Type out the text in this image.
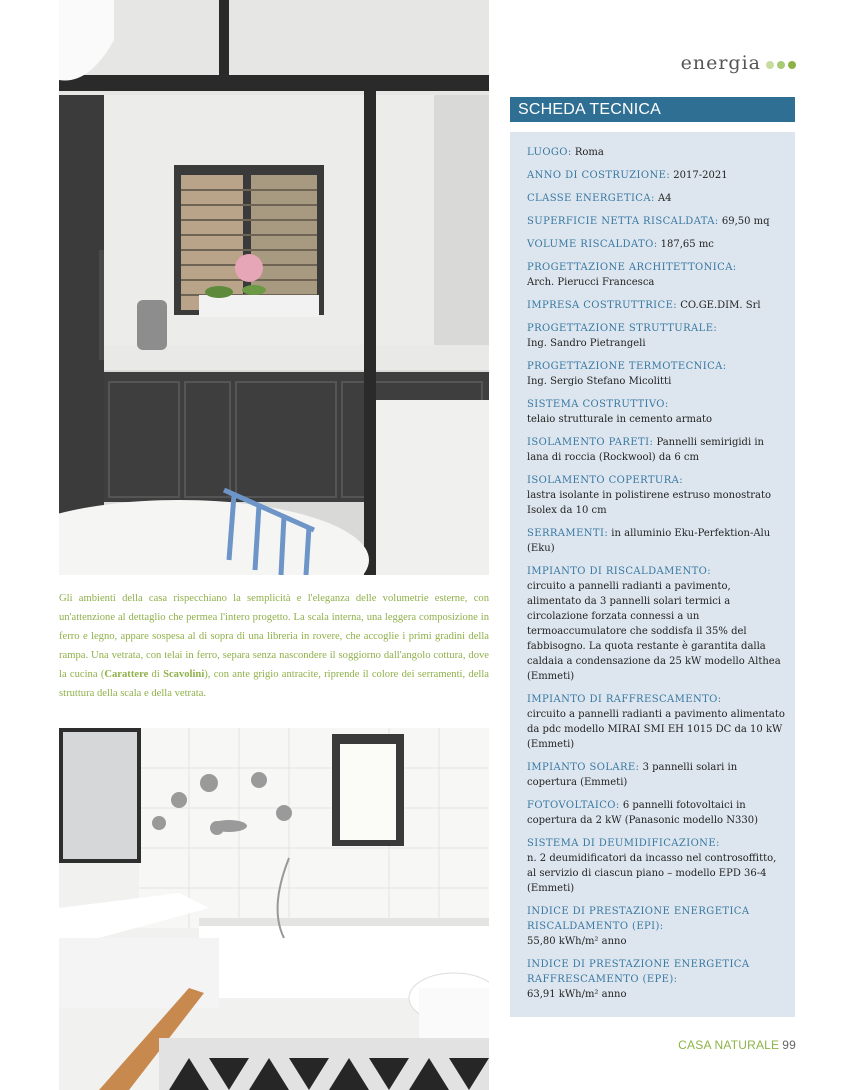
Gli ambienti della casa rispecchiano la semplicità e l'eleganza delle volumetrie esterne, con un'attenzione al dettaglio che permea l'intero progetto. La scala interna, una leggera composizione in ferro e legno, appare sospesa al di sopra di una libreria in rovere, che accoglie i primi gradini della rampa. Una vetrata, con telai in ferro, separa senza nascondere il soggiorno dall'angolo cottura, dove la cucina (Carattere di Scavolini), con ante grigio antracite, riprende il colore dei serramenti, della struttura della scala e della vetrata.
energia
SCHEDA TECNICA
LUOGO: Roma
ANNO DI COSTRUZIONE: 2017-2021
CLASSE ENERGETICA: A4
SUPERFICIE NETTA RISCALDATA: 69,50 mq
VOLUME RISCALDATO: 187,65 mc
PROGETTAZIONE ARCHITETTONICA:
Arch. Pierucci Francesca
IMPRESA COSTRUTTRICE: CO.GE.DIM. Srl
PROGETTAZIONE STRUTTURALE:
Ing. Sandro Pietrangeli
PROGETTAZIONE TERMOTECNICA:
Ing. Sergio Stefano Micolitti
SISTEMA COSTRUTTIVO:
telaio strutturale in cemento armato
ISOLAMENTO PARETI: Pannelli semirigidi in lana di roccia (Rockwool) da 6 cm
ISOLAMENTO COPERTURA:
lastra isolante in polistirene estruso monostrato Isolex da 10 cm
SERRAMENTI: in alluminio Eku-Perfektion-Alu (Eku)
IMPIANTO DI RISCALDAMENTO:
circuito a pannelli radianti a pavimento, alimentato da 3 pannelli solari termici a circolazione forzata connessi a un termoaccumulatore che soddisfa il 35% del fabbisogno. La quota restante è garantita dalla caldaia a condensazione da 25 kW modello Althea (Emmeti)
IMPIANTO DI RAFFRESCAMENTO:
circuito a pannelli radianti a pavimento alimentato da pdc modello MIRAI SMI EH 1015 DC da 10 kW (Emmeti)
IMPIANTO SOLARE: 3 pannelli solari in copertura (Emmeti)
FOTOVOLTAICO: 6 pannelli fotovoltaici in copertura da 2 kW (Panasonic modello N330)
SISTEMA DI DEUMIDIFICAZIONE:
n. 2 deumidificatori da incasso nel controsoffitto, al servizio di ciascun piano – modello EPD 36-4 (Emmeti)
INDICE DI PRESTAZIONE ENERGETICA RISCALDAMENTO (EPI):
55,80 kWh/m² anno
INDICE DI PRESTAZIONE ENERGETICA RAFFRESCAMENTO (EPE):
63,91 kWh/m² anno
CASA NATURALE 99
